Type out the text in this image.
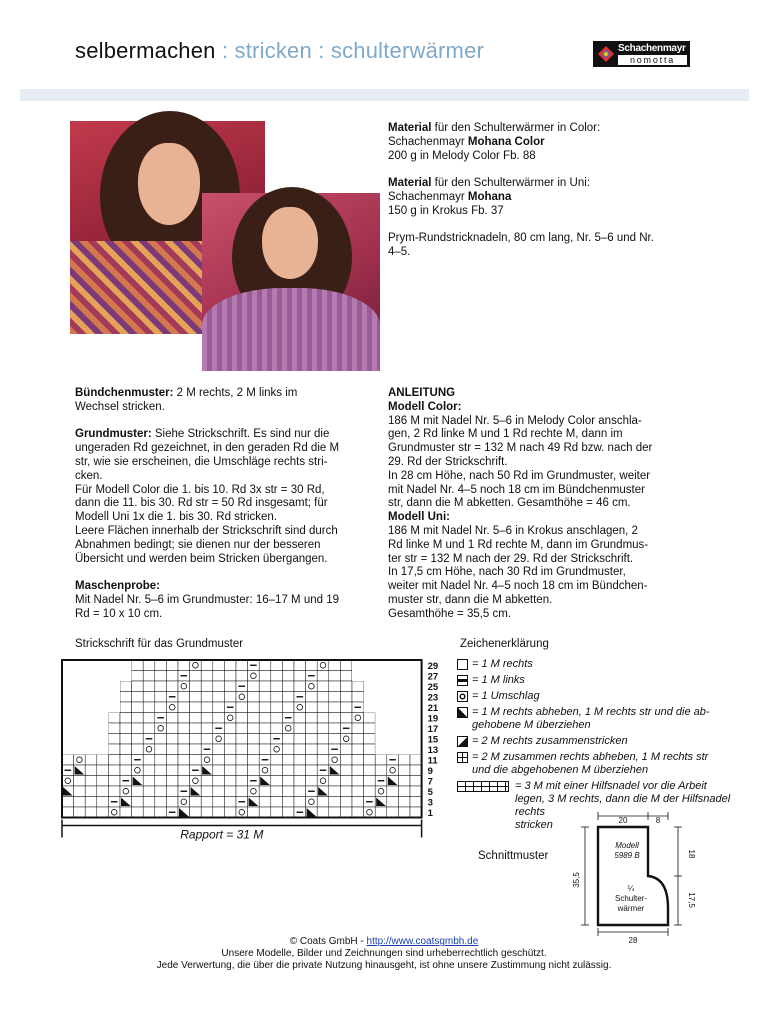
selbermachen : stricken : schulterwärmer	Schachenmayr
nomotta

Material für den Schulterwärmer in Color:
Schachenmayr Mohana Color
200 g in Melody Color Fb. 88

Material für den Schulterwärmer in Uni:
Schachenmayr Mohana
150 g in Krokus Fb. 37

Prym-Rundstricknadeln, 80 cm lang, Nr. 5–6 und Nr.
4–5.

Bündchenmuster: 2 M rechts, 2 M links im
Wechsel stricken.

Grundmuster: Siehe Strickschrift. Es sind nur die
ungeraden Rd gezeichnet, in den geraden Rd die M
str, wie sie erscheinen, die Umschläge rechts stri-
cken.
Für Modell Color die 1. bis 10. Rd 3x str = 30 Rd,
dann die 11. bis 30. Rd str = 50 Rd insgesamt; für
Modell Uni 1x die 1. bis 30. Rd stricken.
Leere Flächen innerhalb der Strickschrift sind durch
Abnahmen bedingt; sie dienen nur der besseren
Übersicht und werden beim Stricken übergangen.

Maschenprobe:
Mit Nadel Nr. 5–6 im Grundmuster: 16–17 M und 19
Rd = 10 x 10 cm.

ANLEITUNG
Modell Color:
186 M mit Nadel Nr. 5–6 in Melody Color anschla-
gen, 2 Rd linke M und 1 Rd rechte M, dann im
Grundmuster str = 132 M nach 49 Rd bzw. nach der
29. Rd der Strickschrift.
In 28 cm Höhe, nach 50 Rd im Grundmuster, weiter
mit Nadel Nr. 4–5 noch 18 cm im Bündchenmuster
str, dann die M abketten. Gesamthöhe = 46 cm.
Modell Uni:
186 M mit Nadel Nr. 5–6 in Krokus anschlagen, 2
Rd linke M und 1 Rd rechte M, dann im Grundmus-
ter str = 132 M nach der 29. Rd der Strickschrift.
In 17,5 cm Höhe, nach 30 Rd im Grundmuster,
weiter mit Nadel Nr. 4–5 noch 18 cm im Bündchen-
muster str, dann die M abketten.
Gesamthöhe = 35,5 cm.
Strickschrift für das Grundmuster
29
27
25
23
21
19
17
15
13
11
9
7
5
3
1
Rapport = 31 M
Zeichenerklärung
= 1 M rechts
= 1 M links
= 1 Umschlag
= 1 M rechts abheben, 1 M rechts str und die ab-
gehobene M überziehen
= 2 M rechts zusammenstricken
= 2 M zusammen rechts abheben, 1 M rechts str
und die abgehobenen M überziehen
= 3 M mit einer Hilfsnadel vor die Arbeit
legen, 3 M rechts, dann die M der Hilfsnadel rechts
stricken
Schnittmuster
20	8
35,5
18
17,5
28
Modell
5989 B
¼
Schulter-
wärmer
© Coats GmbH - http://www.coatsgmbh.de
Unsere Modelle, Bilder und Zeichnungen sind urheberrechtlich geschützt.
Jede Verwertung, die über die private Nutzung hinausgeht, ist ohne unsere Zustimmung nicht zulässig.
